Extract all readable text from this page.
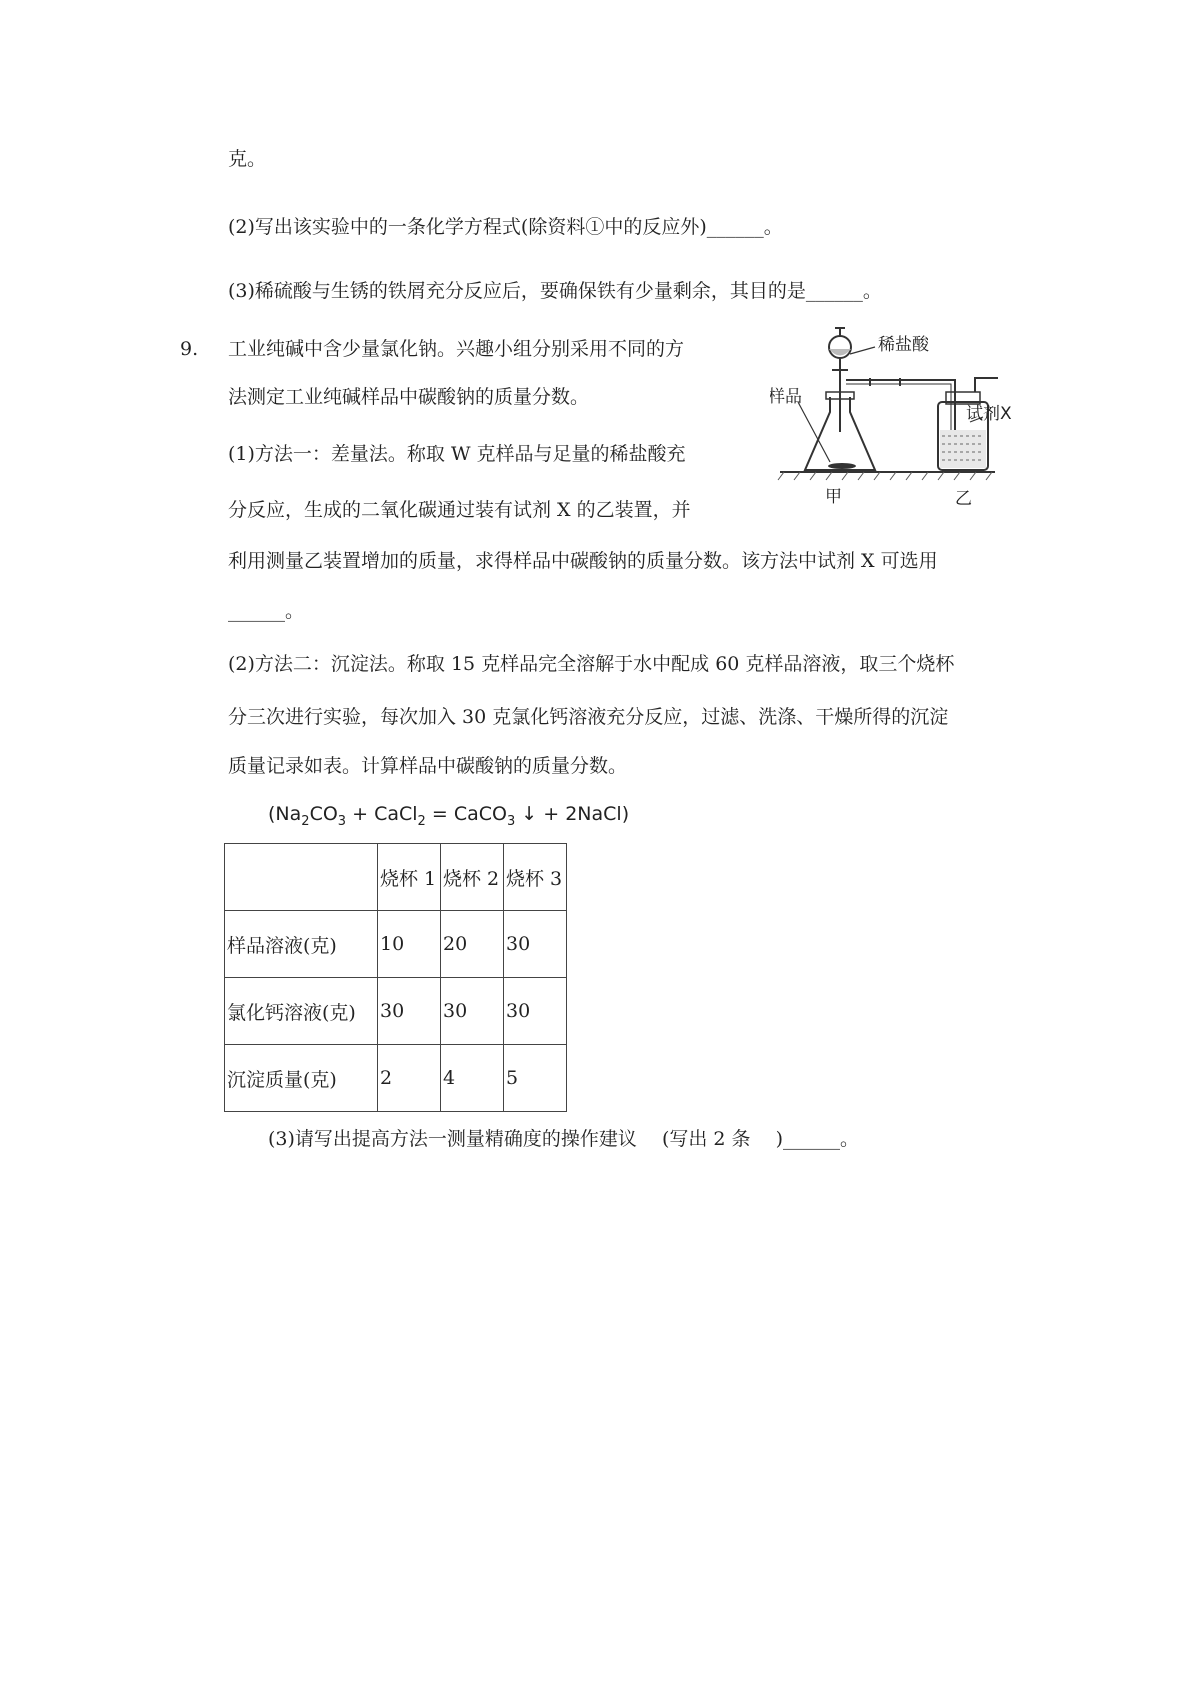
克。
(2)写出该实验中的一条化学方程式(除资料①中的反应外)______。
(3)稀硫酸与生锈的铁屑充分反应后，要确保铁有少量剩余，其目的是______。
9. 工业纯碱中含少量氯化钠。兴趣小组分别采用不同的方
法测定工业纯碱样品中碳酸钠的质量分数。
(1)方法一：差量法。称取 W 克样品与足量的稀盐酸充
分反应，生成的二氧化碳通过装有试剂 X 的乙装置，并
利用测量乙装置增加的质量，求得样品中碳酸钠的质量分数。该方法中试剂 X 可选用
______。
(2)方法二：沉淀法。称取 15 克样品完全溶解于水中配成 60 克样品溶液，取三个烧杯
分三次进行实验，每次加入 30 克氯化钙溶液充分反应，过滤、洗涤、干燥所得的沉淀
质量记录如表。计算样品中碳酸钠的质量分数。
($Na_2CO_3$ + CaCl$_2$ = CaCO$_3$ ↓ + 2NaCl)
稀盐酸
样品
试剂X
甲	乙
	烧杯 1	烧杯 2	烧杯 3
样品溶液(克)	10	20	30
氯化钙溶液(克)	30	30	30
沉淀质量(克)	2	4	5
(3)请写出提高方法一测量精确度的操作建议 　(写出 2 条 　)______。
